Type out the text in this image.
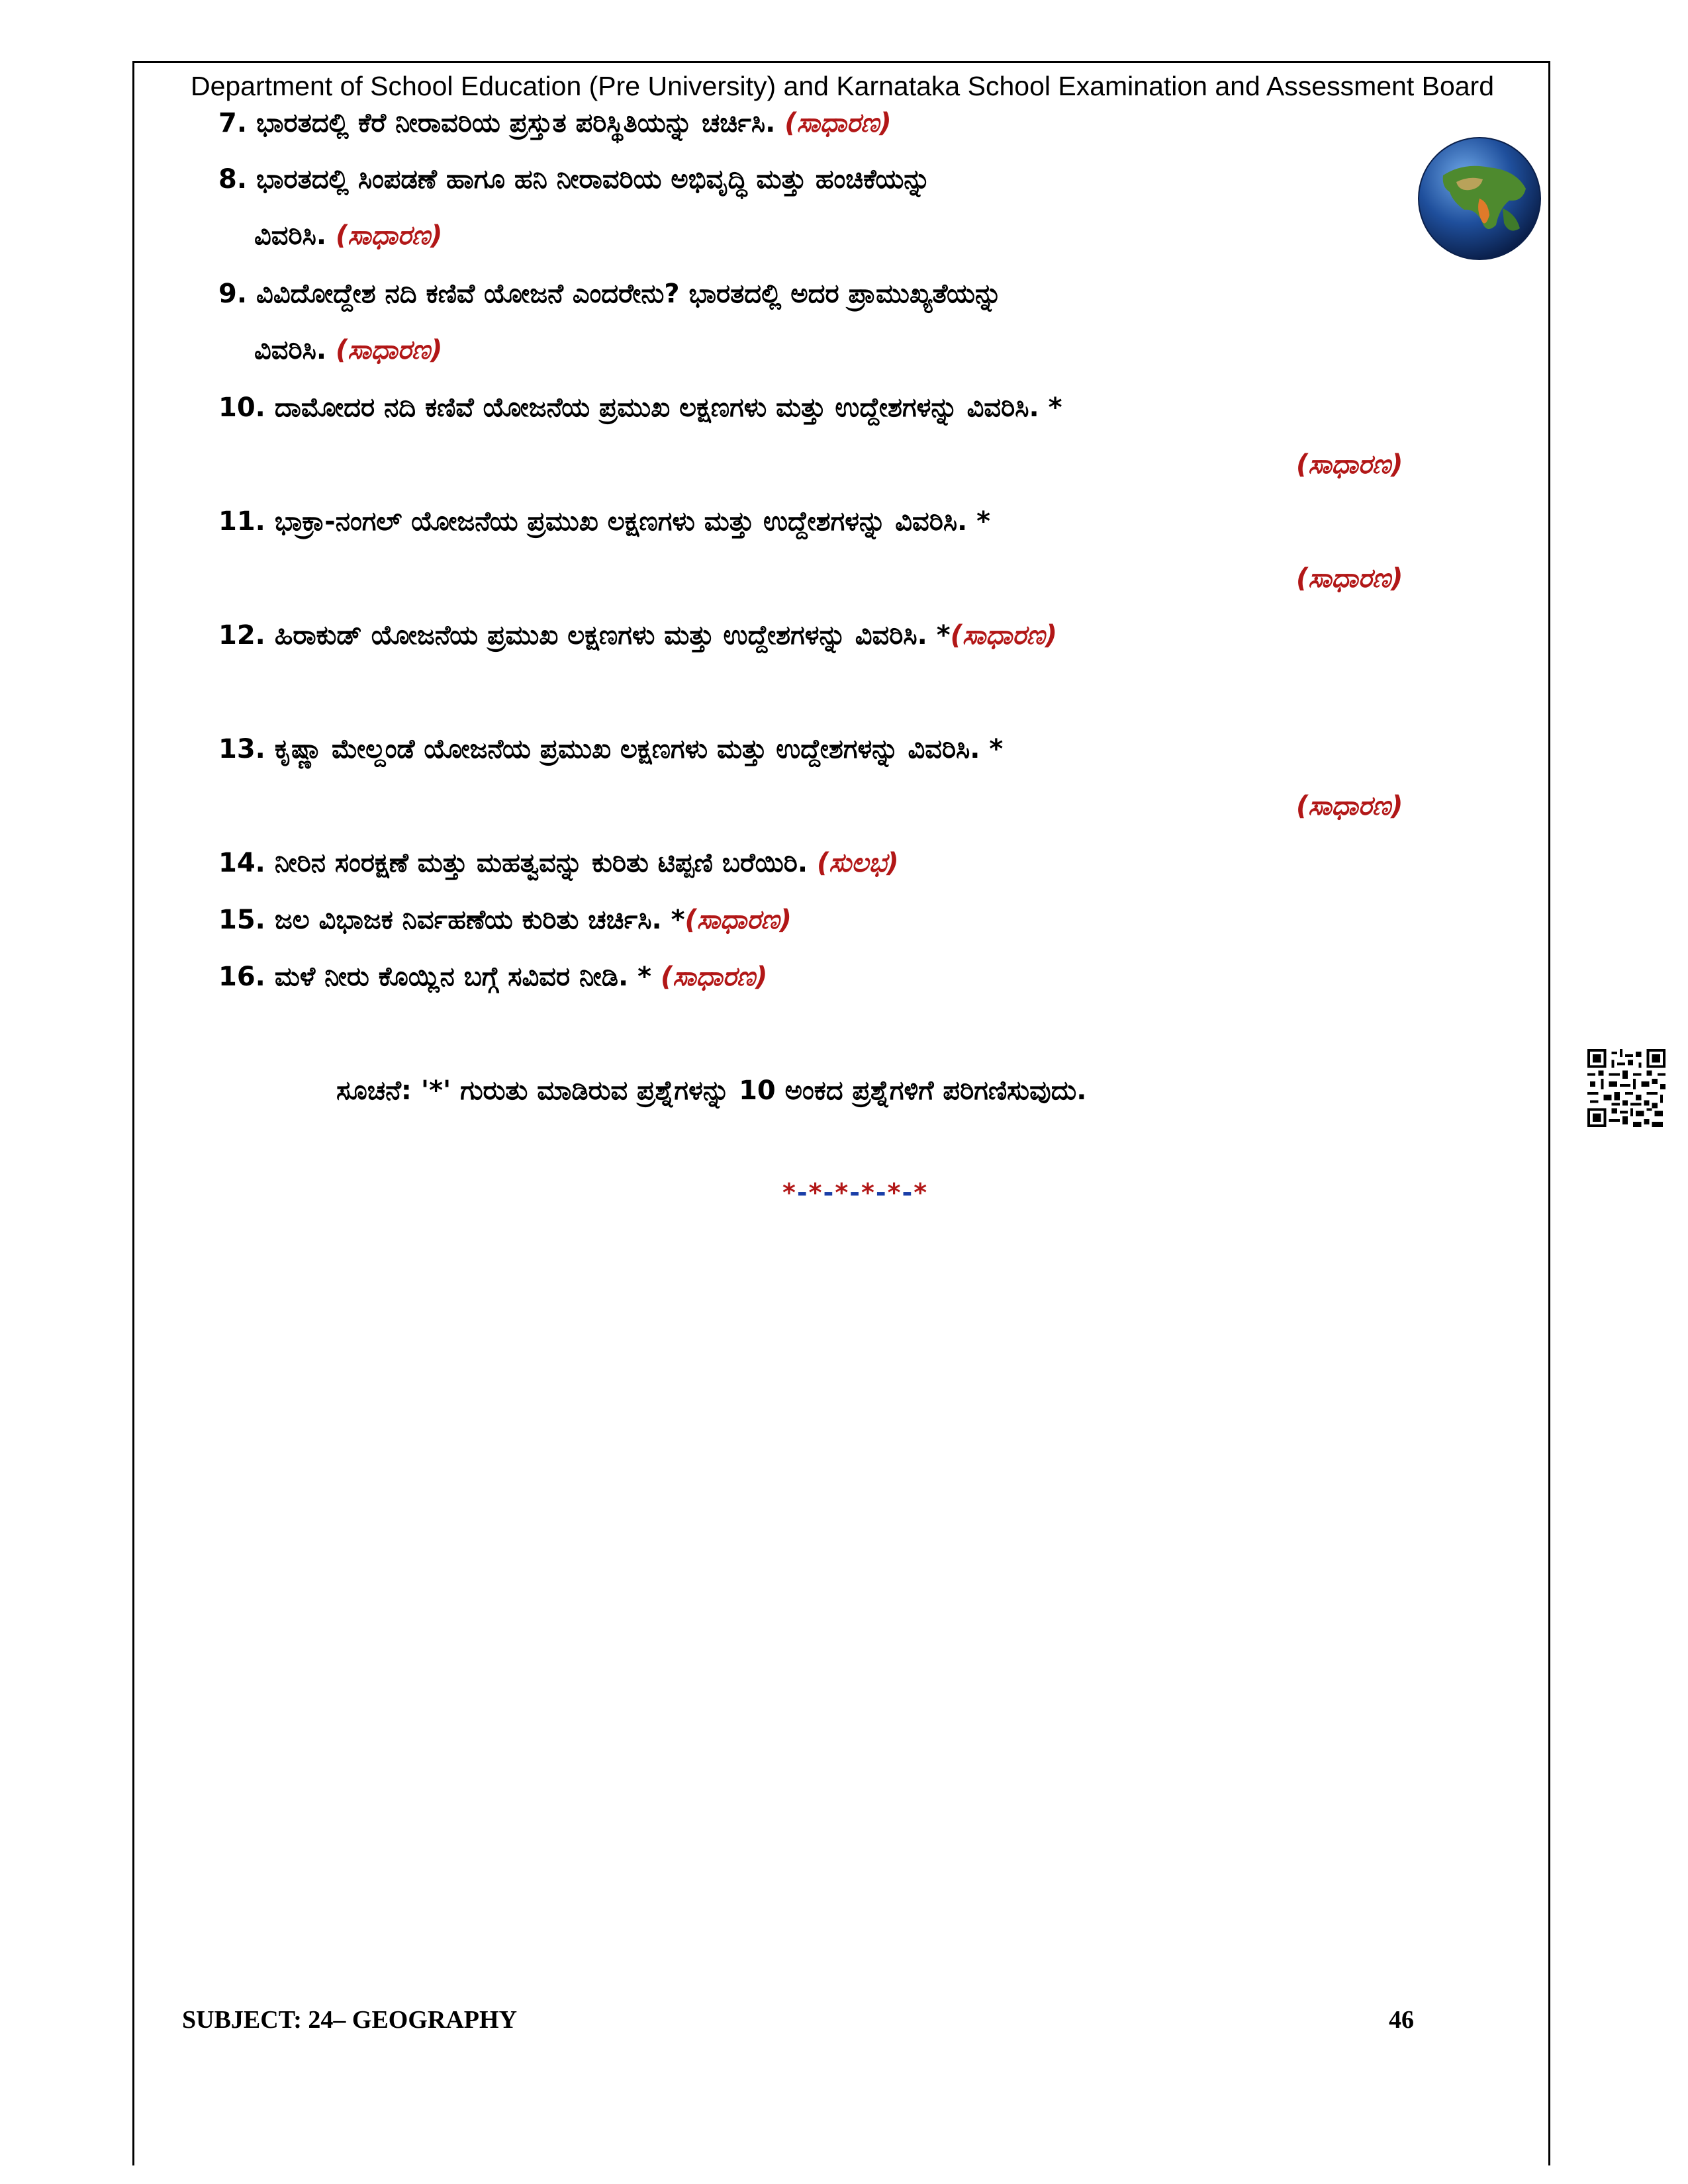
Department of School Education (Pre University) and Karnataka School Examination and Assessment Board
7. ಭಾರತದಲ್ಲಿ ಕೆರೆ ನೀರಾವರಿಯ ಪ್ರಸ್ತುತ ಪರಿಸ್ಥಿತಿಯನ್ನು ಚರ್ಚಿಸಿ. (ಸಾಧಾರಣ)
8. ಭಾರತದಲ್ಲಿ ಸಿಂಪಡಣೆ ಹಾಗೂ ಹನಿ ನೀರಾವರಿಯ ಅಭಿವೃದ್ಧಿ ಮತ್ತು ಹಂಚಿಕೆಯನ್ನು
ವಿವರಿಸಿ. (ಸಾಧಾರಣ)
9. ವಿವಿದೋದ್ದೇಶ ನದಿ ಕಣಿವೆ ಯೋಜನೆ ಎಂದರೇನು? ಭಾರತದಲ್ಲಿ ಅದರ ಪ್ರಾಮುಖ್ಯತೆಯನ್ನು
ವಿವರಿಸಿ. (ಸಾಧಾರಣ)
10. ದಾಮೋದರ ನದಿ ಕಣಿವೆ ಯೋಜನೆಯ ಪ್ರಮುಖ ಲಕ್ಷಣಗಳು ಮತ್ತು ಉದ್ದೇಶಗಳನ್ನು ವಿವರಿಸಿ. *
(ಸಾಧಾರಣ)
11. ಭಾಕ್ರಾ-ನಂಗಲ್ ಯೋಜನೆಯ ಪ್ರಮುಖ ಲಕ್ಷಣಗಳು ಮತ್ತು ಉದ್ದೇಶಗಳನ್ನು ವಿವರಿಸಿ. *
(ಸಾಧಾರಣ)
12. ಹಿರಾಕುಡ್ ಯೋಜನೆಯ ಪ್ರಮುಖ ಲಕ್ಷಣಗಳು ಮತ್ತು ಉದ್ದೇಶಗಳನ್ನು ವಿವರಿಸಿ. *(ಸಾಧಾರಣ)
13. ಕೃಷ್ಣಾ ಮೇಲ್ದಂಡೆ ಯೋಜನೆಯ ಪ್ರಮುಖ ಲಕ್ಷಣಗಳು ಮತ್ತು ಉದ್ದೇಶಗಳನ್ನು ವಿವರಿಸಿ. *
(ಸಾಧಾರಣ)
14. ನೀರಿನ ಸಂರಕ್ಷಣೆ ಮತ್ತು ಮಹತ್ವವನ್ನು ಕುರಿತು ಟಿಪ್ಪಣಿ ಬರೆಯಿರಿ. (ಸುಲಭ)
15. ಜಲ ವಿಭಾಜಕ ನಿರ್ವಹಣೆಯ ಕುರಿತು ಚರ್ಚಿಸಿ. *(ಸಾಧಾರಣ)
16. ಮಳೆ ನೀರು ಕೊಯ್ಲಿನ ಬಗ್ಗೆ ಸವಿವರ ನೀಡಿ. * (ಸಾಧಾರಣ)
ಸೂಚನೆ: '*' ಗುರುತು ಮಾಡಿರುವ ಪ್ರಶ್ನೆಗಳನ್ನು 10 ಅಂಕದ ಪ್ರಶ್ನೆಗಳಿಗೆ ಪರಿಗಣಿಸುವುದು.
*-*-*-*-*-*
SUBJECT: 24– GEOGRAPHY	46
